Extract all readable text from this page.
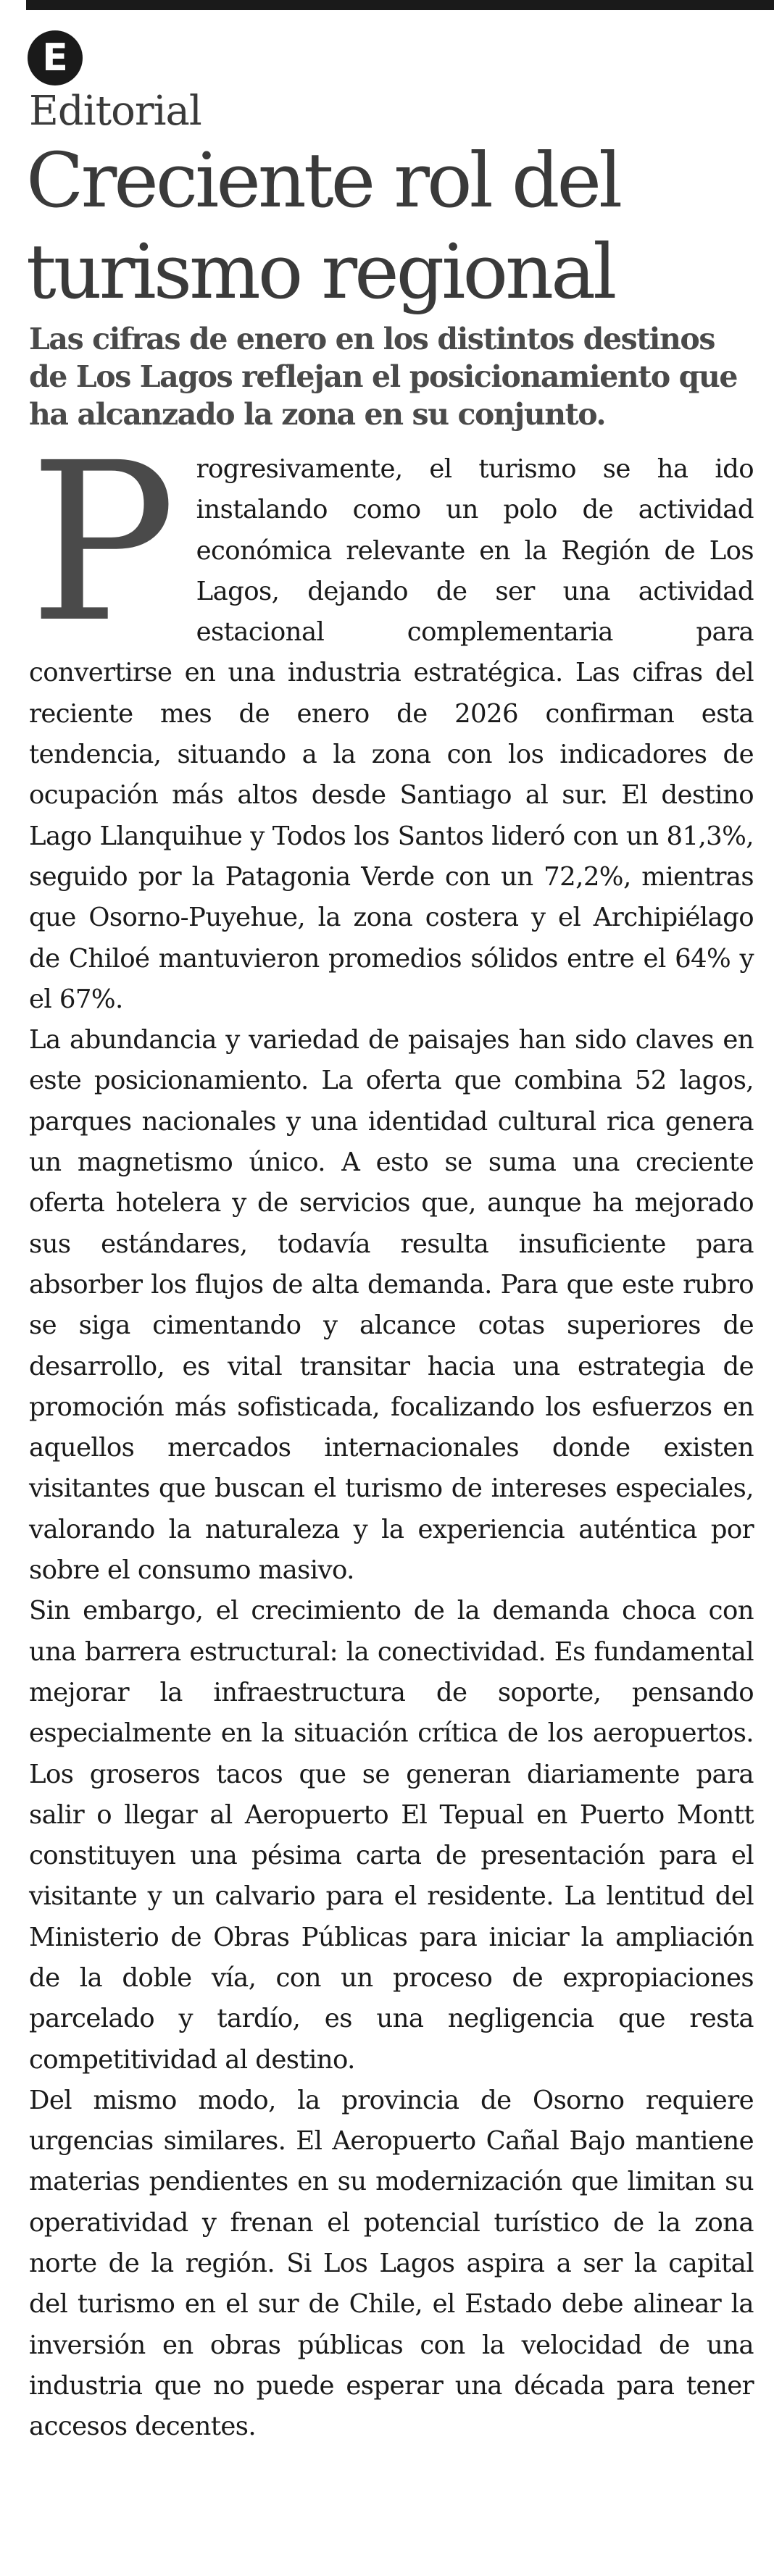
E
Editorial
Creciente rol del turismo regional

Las cifras de enero en los distintos destinos de Los Lagos reflejan el posicionamiento que ha alcanzado la zona en su conjunto.

Progresivamente, el turismo se ha ido instalando como un polo de actividad económica relevante en la Región de Los Lagos, dejando de ser una actividad estacional complementaria para convertirse en una industria estratégica. Las cifras del reciente mes de enero de 2026 confirman esta tendencia, situando a la zona con los indicadores de ocupación más altos desde Santiago al sur. El destino Lago Llanquihue y Todos los Santos lideró con un 81,3%, seguido por la Patagonia Verde con un 72,2%, mientras que Osorno-Puyehue, la zona costera y el Archipiélago de Chiloé mantuvieron promedios sólidos entre el 64% y el 67%.

La abundancia y variedad de paisajes han sido claves en este posicionamiento. La oferta que combina 52 lagos, parques nacionales y una identidad cultural rica genera un magnetismo único. A esto se suma una creciente oferta hotelera y de servicios que, aunque ha mejorado sus estándares, todavía resulta insuficiente para absorber los flujos de alta demanda. Para que este rubro se siga cimentando y alcance cotas superiores de desarrollo, es vital transitar hacia una estrategia de promoción más sofisticada, focalizando los esfuerzos en aquellos mercados internacionales donde existen visitantes que buscan el turismo de intereses especiales, valorando la naturaleza y la experiencia auténtica por sobre el consumo masivo.

Sin embargo, el crecimiento de la demanda choca con una barrera estructural: la conectividad. Es fundamental mejorar la infraestructura de soporte, pensando especialmente en la situación crítica de los aeropuertos. Los groseros tacos que se generan diariamente para salir o llegar al Aeropuerto El Tepual en Puerto Montt constituyen una pésima carta de presentación para el visitante y un calvario para el residente. La lentitud del Ministerio de Obras Públicas para iniciar la ampliación de la doble vía, con un proceso de expropiaciones parcelado y tardío, es una negligencia que resta competitividad al destino.

Del mismo modo, la provincia de Osorno requiere urgencias similares. El Aeropuerto Cañal Bajo mantiene materias pendientes en su modernización que limitan su operatividad y frenan el potencial turístico de la zona norte de la región. Si Los Lagos aspira a ser la capital del turismo en el sur de Chile, el Estado debe alinear la inversión en obras públicas con la velocidad de una industria que no puede esperar una década para tener accesos decentes.
